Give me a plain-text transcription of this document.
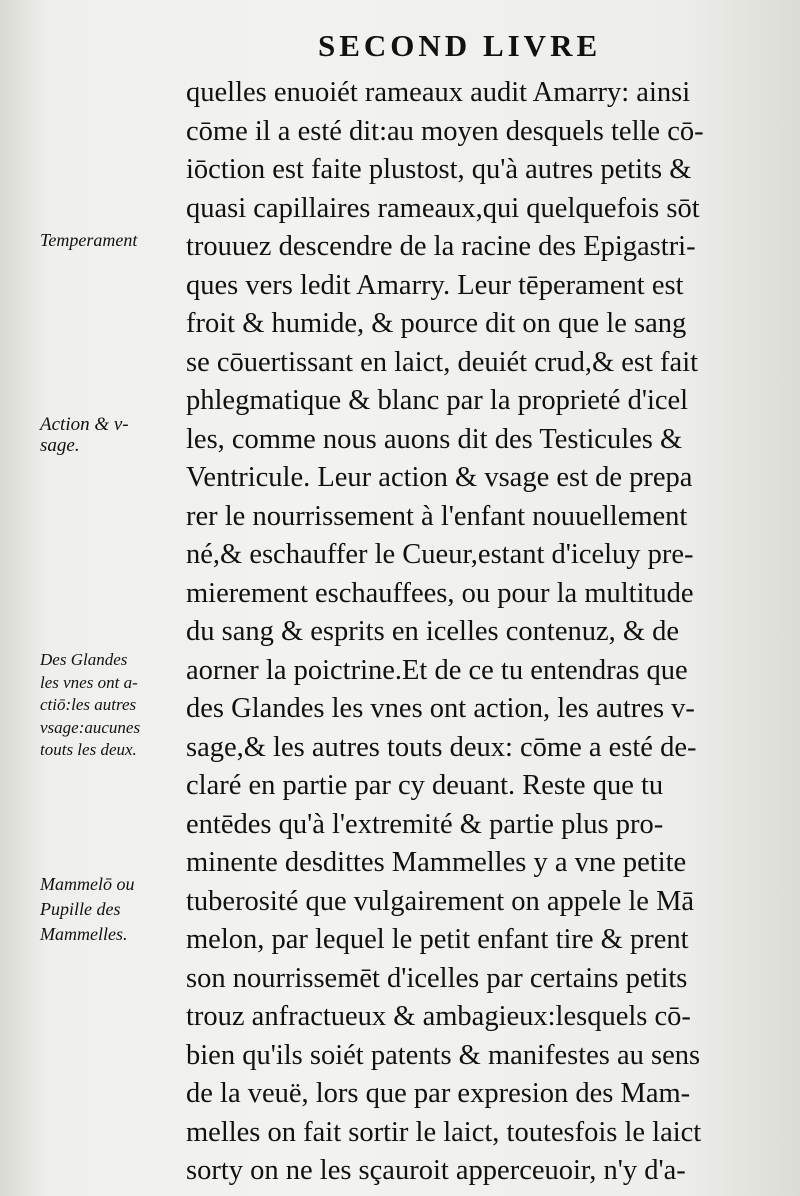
SECOND LIVRE
Temperament
Action & v-
sage.
Des Glandes
les vnes ont a-
ctiō:les autres
vsage:aucunes
touts les deux.
Mammelō ou
Pupille des
Mammelles.
quelles enuoiét rameaux audit Amarry: ainsi
cōme il a esté dit:au moyen desquels telle cō-
iōction est faite plustost, qu'à autres petits &
quasi capillaires rameaux,qui quelquefois sōt
trouuez descendre de la racine des Epigastri-
ques vers ledit Amarry. Leur tēperament est
froit & humide, & pource dit on que le sang
se cōuertissant en laict, deuiét crud,& est fait
phlegmatique & blanc par la proprieté d'icel
les, comme nous auons dit des Testicules &
Ventricule. Leur action & vsage est de prepa
rer le nourrissement à l'enfant nouuellement
né,& eschauffer le Cueur,estant d'iceluy pre-
mierement eschauffees, ou pour la multitude
du sang & esprits en icelles contenuz, & de
aorner la poictrine.Et de ce tu entendras que
des Glandes les vnes ont action, les autres v-
sage,& les autres touts deux: cōme a esté de-
claré en partie par cy deuant. Reste que tu
entēdes qu'à l'extremité & partie plus pro-
minente desdittes Mammelles y a vne petite
tuberosité que vulgairement on appele le Mā
melon, par lequel le petit enfant tire & prent
son nourrissemēt d'icelles par certains petits
trouz anfractueux & ambagieux:lesquels cō-
bien qu'ils soiét patents & manifestes au sens
de la veuë, lors que par expresion des Mam-
melles on fait sortir le laict, toutesfois le laict
sorty on ne les sçauroit apperceuoir, n'y d'a-
